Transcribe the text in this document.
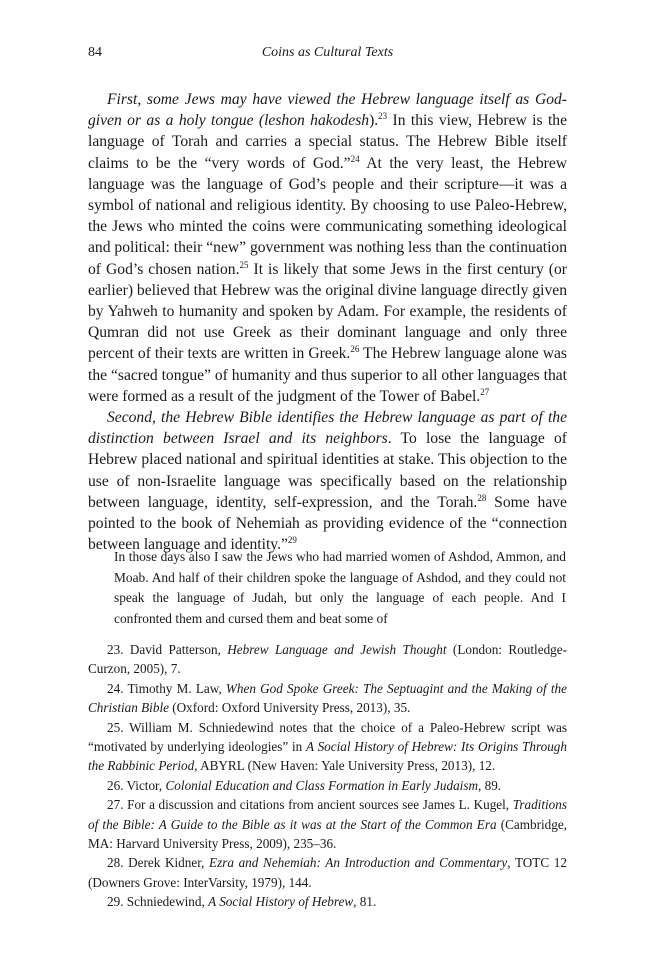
84	Coins as Cultural Texts

First, some Jews may have viewed the Hebrew language itself as God-given or as a holy tongue (leshon hakodesh).$^{23}$ In this view, Hebrew is the language of Torah and carries a special status. The Hebrew Bible itself claims to be the “very words of God.”$^{24}$ At the very least, the Hebrew language was the language of God’s people and their scripture—it was a symbol of national and religious identity. By choosing to use Paleo-Hebrew, the Jews who minted the coins were communicating something ideological and political: their “new” government was nothing less than the continuation of God’s chosen nation.$^{25}$ It is likely that some Jews in the first century (or earlier) believed that Hebrew was the original divine language directly given by Yahweh to humanity and spoken by Adam. For example, the residents of Qumran did not use Greek as their dominant language and only three percent of their texts are written in Greek.$^{26}$ The Hebrew language alone was the “sacred tongue” of humanity and thus superior to all other languages that were formed as a result of the judgment of the Tower of Babel.$^{27}$

Second, the Hebrew Bible identifies the Hebrew language as part of the distinction between Israel and its neighbors. To lose the language of Hebrew placed national and spiritual identities at stake. This objection to the use of non-Israelite language was specifically based on the relationship between language, identity, self-expression, and the Torah.$^{28}$ Some have pointed to the book of Nehemiah as providing evidence of the “connection between language and identity.”$^{29}$

In those days also I saw the Jews who had married women of Ashdod, Ammon, and Moab. And half of their children spoke the language of Ashdod, and they could not speak the language of Judah, but only the language of each people. And I confronted them and cursed them and beat some of

23. David Patterson, Hebrew Language and Jewish Thought (London: Routledge-Curzon, 2005), 7.

24. Timothy M. Law, When God Spoke Greek: The Septuagint and the Making of the Christian Bible (Oxford: Oxford University Press, 2013), 35.

25. William M. Schniedewind notes that the choice of a Paleo-Hebrew script was “motivated by underlying ideologies” in A Social History of Hebrew: Its Origins Through the Rabbinic Period, ABYRL (New Haven: Yale University Press, 2013), 12.

26. Victor, Colonial Education and Class Formation in Early Judaism, 89.

27. For a discussion and citations from ancient sources see James L. Kugel, Traditions of the Bible: A Guide to the Bible as it was at the Start of the Common Era (Cambridge, MA: Harvard University Press, 2009), 235–36.

28. Derek Kidner, Ezra and Nehemiah: An Introduction and Commentary, TOTC 12 (Downers Grove: InterVarsity, 1979), 144.

29. Schniedewind, A Social History of Hebrew, 81.
